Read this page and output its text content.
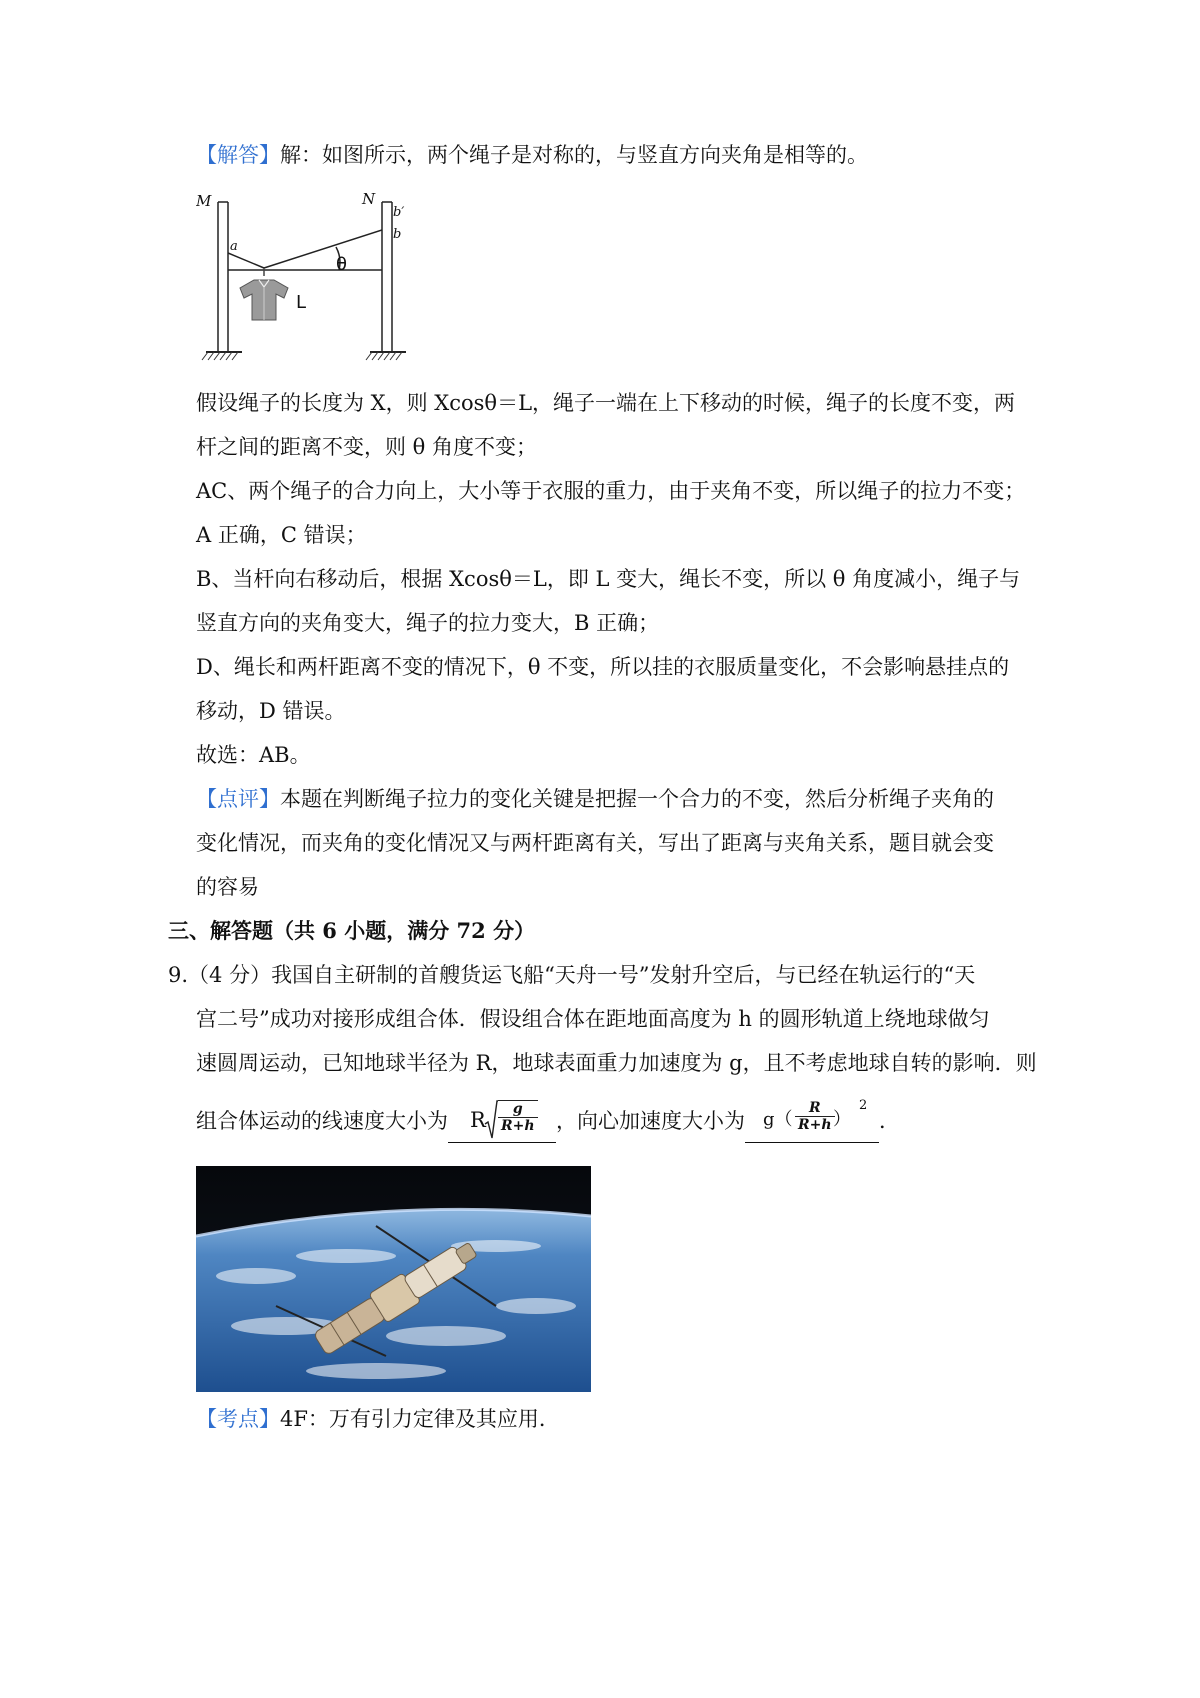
【解答】解：如图所示，两个绳子是对称的，与竖直方向夹角是相等的。
M	N
a
b′
b
θ
L
假设绳子的长度为 X，则 Xcosθ＝L，绳子一端在上下移动的时候，绳子的长度不变，两
杆之间的距离不变，则 θ 角度不变；
AC、两个绳子的合力向上，大小等于衣服的重力，由于夹角不变，所以绳子的拉力不变；
A 正确，C 错误；
B、当杆向右移动后，根据 Xcosθ＝L，即 L 变大，绳长不变，所以 θ 角度减小，绳子与
竖直方向的夹角变大，绳子的拉力变大，B 正确；
D、绳长和两杆距离不变的情况下，θ 不变，所以挂的衣服质量变化，不会影响悬挂点的
移动，D 错误。
故选：AB。
【点评】本题在判断绳子拉力的变化关键是把握一个合力的不变，然后分析绳子夹角的
变化情况，而夹角的变化情况又与两杆距离有关，写出了距离与夹角关系，题目就会变
的容易
三、解答题（共 6 小题，满分 72 分）
9.（4 分）我国自主研制的首艘货运飞船“天舟一号”发射升空后，与已经在轨运行的“天
宫二号”成功对接形成组合体．假设组合体在距地面高度为 h 的圆形轨道上绕地球做匀
速圆周运动，已知地球半径为 R，地球表面重力加速度为 g，且不考虑地球自转的影响．则
组合体运动的线速度大小为 R $\frac{g}{R+h}$ ，向心加速度大小为 $g( \frac{R}{R+h}$
）
2
．
【考点】4F：万有引力定律及其应用．
